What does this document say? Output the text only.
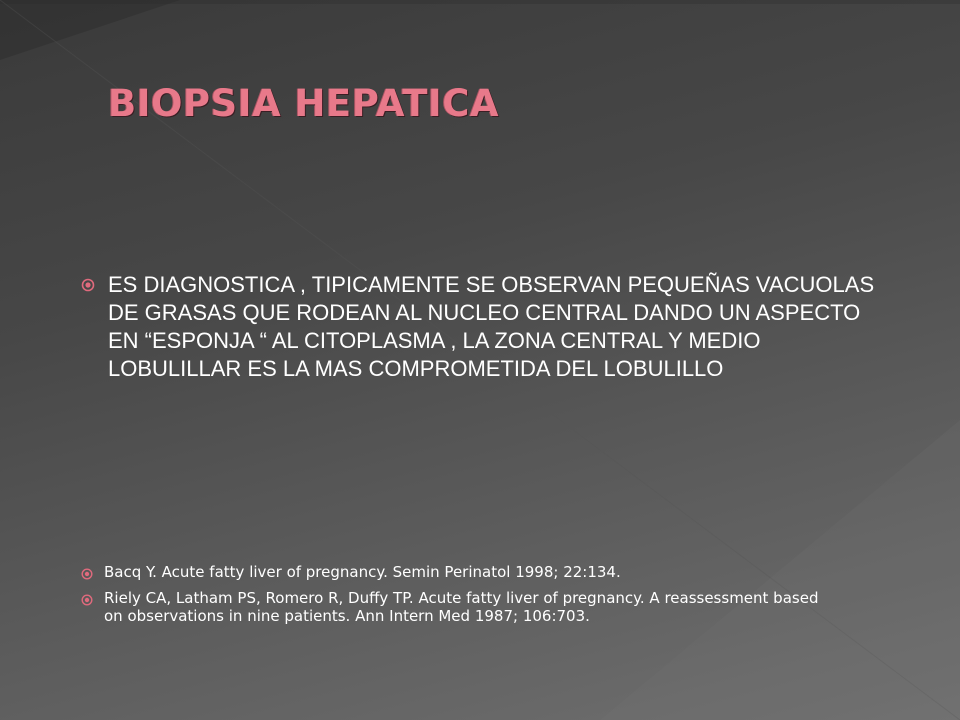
BIOPSIA HEPATICA
ES DIAGNOSTICA , TIPICAMENTE SE OBSERVAN PEQUEÑAS VACUOLAS DE GRASAS QUE RODEAN AL NUCLEO CENTRAL DANDO UN ASPECTO EN “ESPONJA “ AL CITOPLASMA , LA ZONA CENTRAL Y MEDIO LOBULILLAR ES LA MAS COMPROMETIDA DEL LOBULILLO
Bacq Y. Acute fatty liver of pregnancy. Semin Perinatol 1998; 22:134.
Riely CA, Latham PS, Romero R, Duffy TP. Acute fatty liver of pregnancy. A reassessment based on observations in nine patients. Ann Intern Med 1987; 106:703.
